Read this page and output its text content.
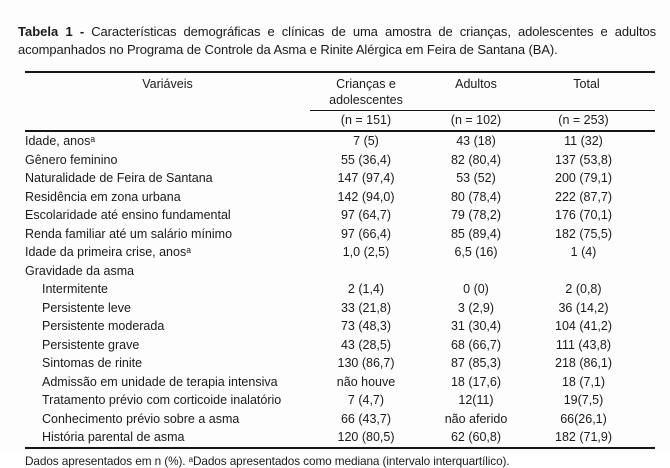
Tabela 1 - Características demográficas e clínicas de uma amostra de crianças, adolescentes e adultos acompanhados no Programa de Controle da Asma e Rinite Alérgica em Feira de Santana (BA).

Variáveis	Crianças e adolescentes	Adultos	Total
	(n = 151)	(n = 102)	(n = 253)
Idade, anosᵃ	7 (5)	43 (18)	11 (32)
Gênero feminino	55 (36,4)	82 (80,4)	137 (53,8)
Naturalidade de Feira de Santana	147 (97,4)	53 (52)	200 (79,1)
Residência em zona urbana	142 (94,0)	80 (78,4)	222 (87,7)
Escolaridade até ensino fundamental	97 (64,7)	79 (78,2)	176 (70,1)
Renda familiar até um salário mínimo	97 (66,4)	85 (89,4)	182 (75,5)
Idade da primeira crise, anosᵃ	1,0 (2,5)	6,5 (16)	1 (4)
Gravidade da asma			
Intermitente	2 (1,4)	0 (0)	2 (0,8)
Persistente leve	33 (21,8)	3 (2,9)	36 (14,2)
Persistente moderada	73 (48,3)	31 (30,4)	104 (41,2)
Persistente grave	43 (28,5)	68 (66,7)	111 (43,8)
Sintomas de rinite	130 (86,7)	87 (85,3)	218 (86,1)
Admissão em unidade de terapia intensiva	não houve	18 (17,6)	18 (7,1)
Tratamento prévio com corticoide inalatório	7 (4,7)	12(11)	19(7,5)
Conhecimento prévio sobre a asma	66 (43,7)	não aferido	66(26,1)
História parental de asma	120 (80,5)	62 (60,8)	182 (71,9)

Dados apresentados em n (%). ᵃDados apresentados como mediana (intervalo interquartílico).
